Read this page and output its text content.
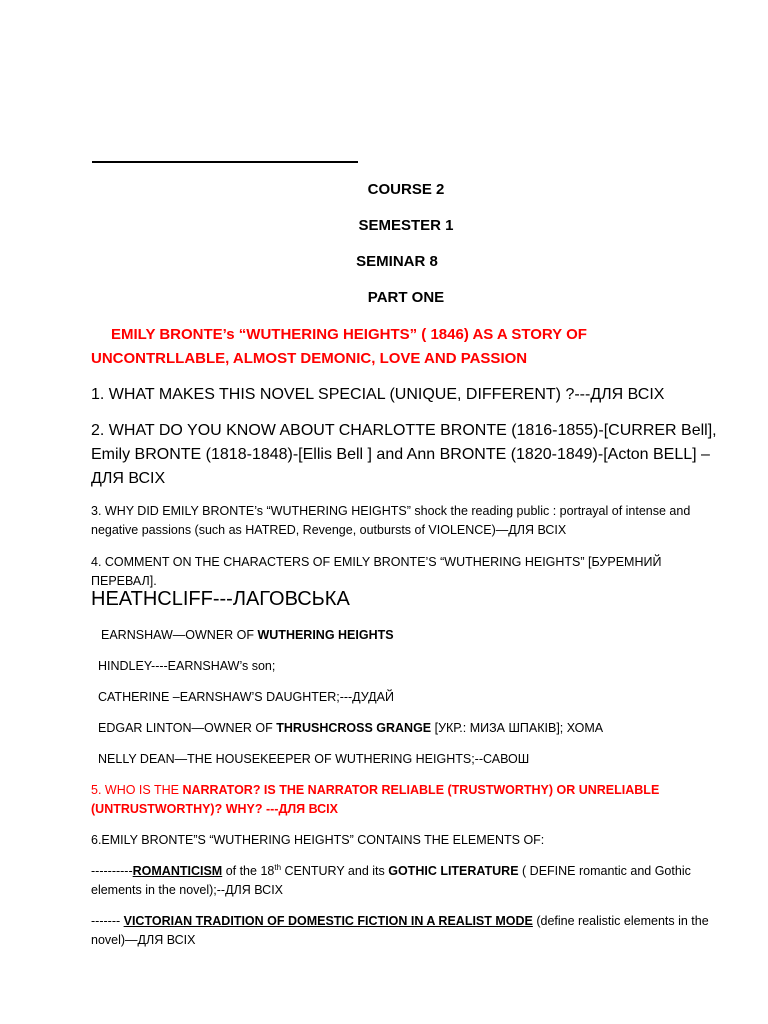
COURSE 2
SEMESTER 1
SEMINAR 8
PART ONE
EMILY BRONTE’s “WUTHERING HEIGHTS” ( 1846) AS A STORY OF
UNCONTRLLABLE, ALMOST DEMONIC, LOVE AND PASSION
1. WHAT MAKES THIS NOVEL SPECIAL (UNIQUE, DIFFERENT) ?---ДЛЯ ВСІХ
2. WHAT DO YOU KNOW ABOUT CHARLOTTE BRONTE (1816-1855)-[CURRER Bell], Emily BRONTE (1818-1848)-[Ellis Bell ] and Ann BRONTE (1820-1849)-[Acton BELL] – ДЛЯ ВСІХ
3. WHY DID EMILY BRONTE’s “WUTHERING HEIGHTS” shock the reading public : portrayal of intense and negative passions (such as HATRED, Revenge, outbursts of VIOLENCE)—ДЛЯ ВСІХ
4. COMMENT ON THE CHARACTERS OF EMILY BRONTE’S “WUTHERING HEIGHTS” [БУРЕМНИЙ ПЕРЕВАЛ].
HEATHCLIFF---ЛАГОВСЬКА
EARNSHAW—OWNER OF WUTHERING HEIGHTS
HINDLEY----EARNSHAW’s son;
CATHERINE –EARNSHAW’S DAUGHTER;---ДУДАЙ
EDGAR LINTON—OWNER OF THRUSHCROSS GRANGE [УКР.: МИЗА ШПАКІВ]; ХОМА
NELLY DEAN—THE HOUSEKEEPER OF WUTHERING HEIGHTS;--САВОШ
5. WHO IS THE NARRATOR? IS THE NARRATOR RELIABLE (TRUSTWORTHY) OR UNRELIABLE (UNTRUSTWORTHY)? WHY? ---ДЛЯ ВСІХ
6.EMILY BRONTE”S “WUTHERING HEIGHTS” CONTAINS THE ELEMENTS OF:
----------ROMANTICISM of the 18th CENTURY and its GOTHIC LITERATURE ( DEFINE romantic and Gothic elements in the novel);--ДЛЯ ВСІХ
------- VICTORIAN TRADITION OF DOMESTIC FICTION IN A REALIST MODE (define realistic elements in the novel)—ДЛЯ ВСІХ
